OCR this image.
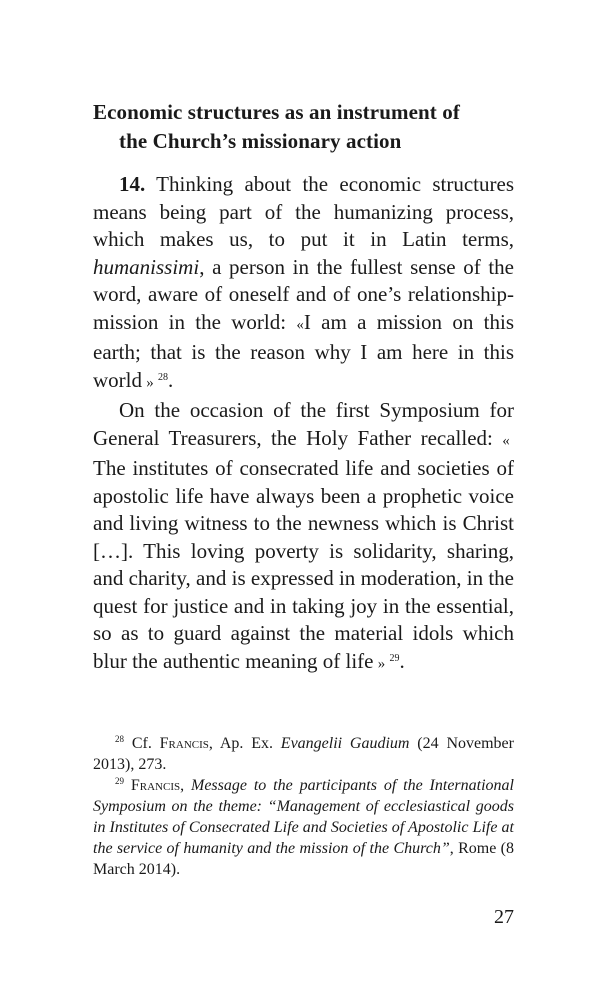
Economic structures as an instrument of
the Church’s missionary action

14. Thinking about the economic structures means being part of the humanizing process, which makes us, to put it in Latin terms, humanissimi, a person in the fullest sense of the word, aware of oneself and of one’s relationship-mission in the world: «I am a mission on this earth; that is the reason why I am here in this world  »  $^{28}$.

On the occasion of the first Symposium for General Treasurers, the Holy Father recalled: « The institutes of consecrated life and societies of apostolic life have always been a prophetic voice and living witness to the newness which is Christ […]. This loving poverty is solidarity, sharing, and charity, and is expressed in moderation, in the quest for justice and in taking joy in the essential, so as to guard against the material idols which blur the authentic meaning of life  »  $^{29}$.

$^{28}$ Cf. Francis, Ap. Ex. Evangelii Gaudium (24 November 2013), 273.

$^{29}$ Francis, Message to the participants of the International Symposium on the theme: “Management of ecclesiastical goods in Institutes of Consecrated Life and Societies of Apostolic Life at the service of humanity and the mission of the Church”, Rome (8 March 2014).

27
